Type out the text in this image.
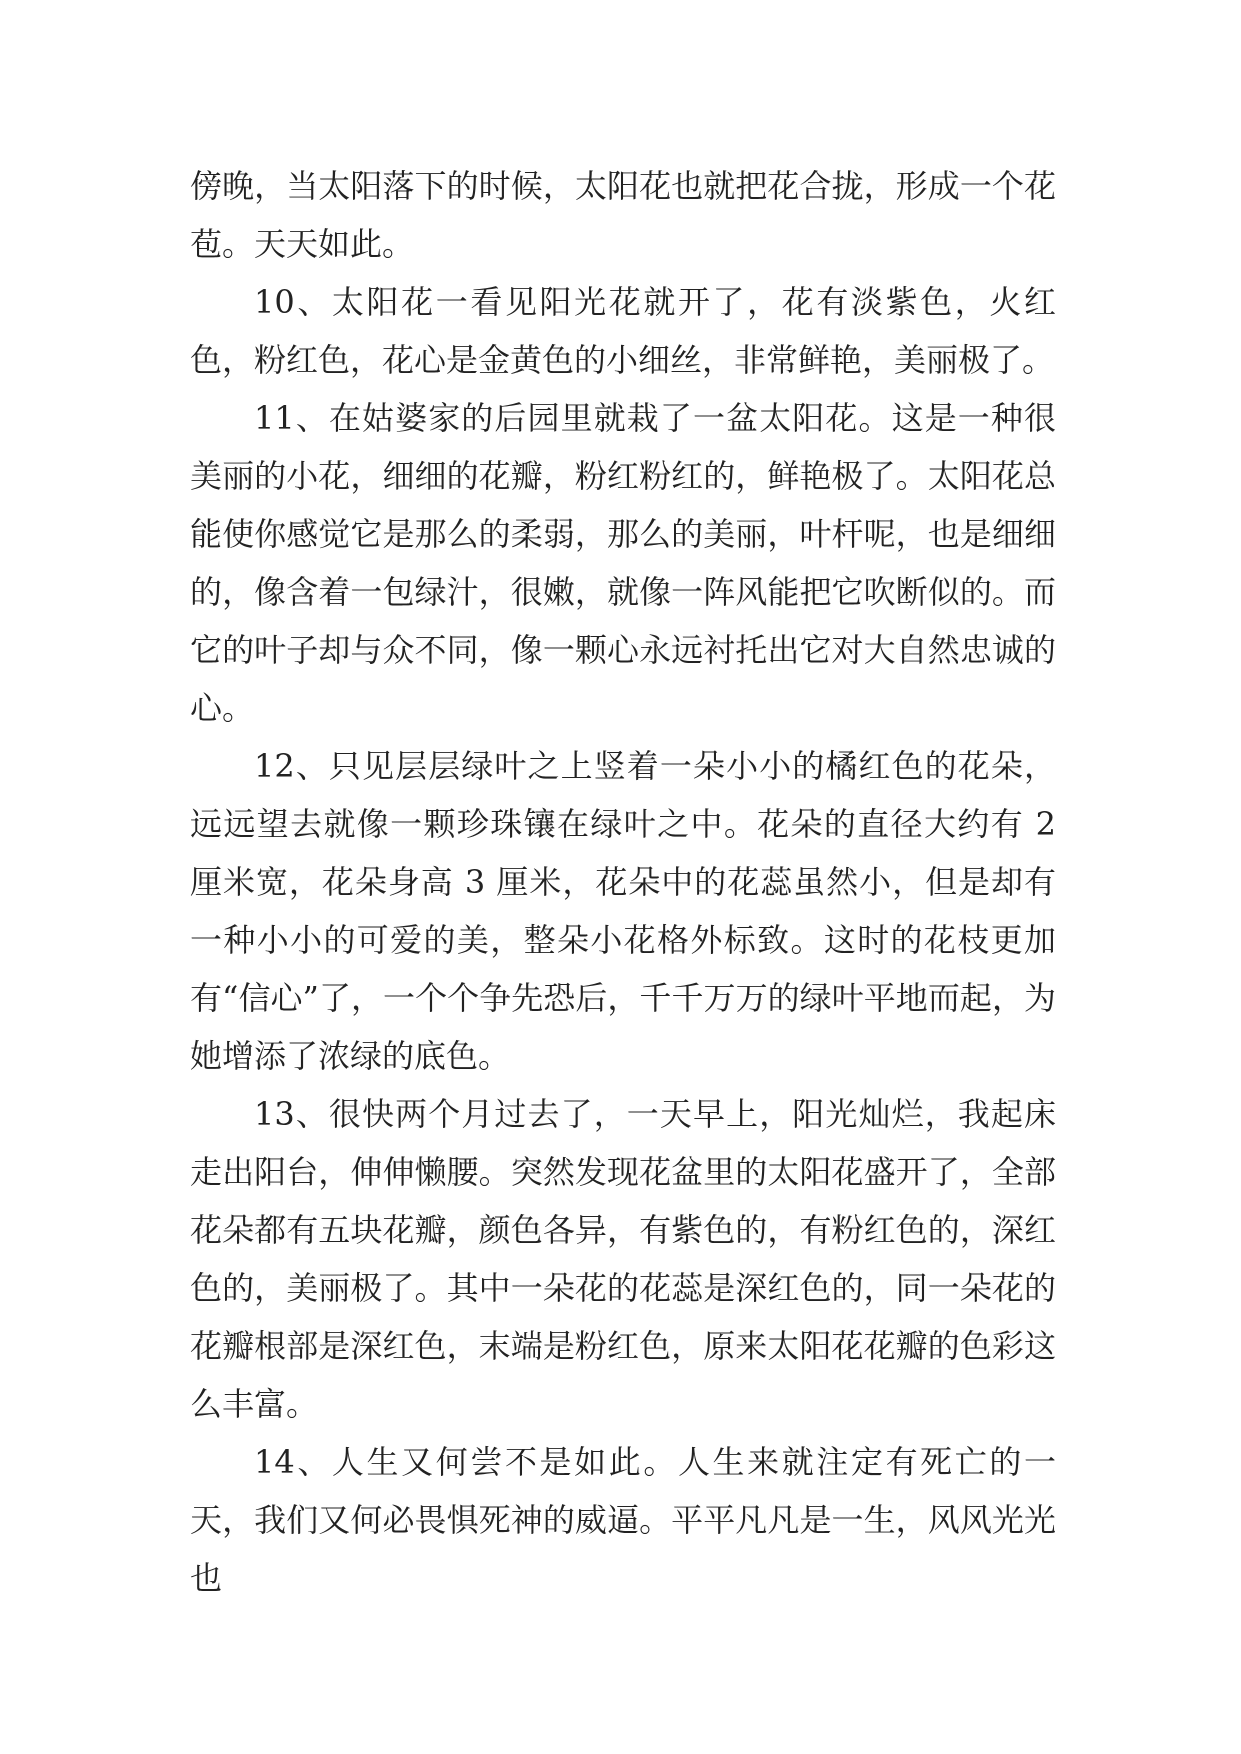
傍晚，当太阳落下的时候，太阳花也就把花合拢，形成一个花苞。天天如此。

10、太阳花一看见阳光花就开了，花有淡紫色，火红色，粉红色，花心是金黄色的小细丝，非常鲜艳，美丽极了。

11、在姑婆家的后园里就栽了一盆太阳花。这是一种很美丽的小花，细细的花瓣，粉红粉红的，鲜艳极了。太阳花总能使你感觉它是那么的柔弱，那么的美丽，叶杆呢，也是细细的，像含着一包绿汁，很嫩，就像一阵风能把它吹断似的。而它的叶子却与众不同，像一颗心永远衬托出它对大自然忠诚的心。

12、只见层层绿叶之上竖着一朵小小的橘红色的花朵，远远望去就像一颗珍珠镶在绿叶之中。花朵的直径大约有 2 厘米宽，花朵身高 3 厘米，花朵中的花蕊虽然小，但是却有一种小小的可爱的美，整朵小花格外标致。这时的花枝更加有“信心”了，一个个争先恐后，千千万万的绿叶平地而起，为她增添了浓绿的底色。

13、很快两个月过去了，一天早上，阳光灿烂，我起床走出阳台，伸伸懒腰。突然发现花盆里的太阳花盛开了，全部花朵都有五块花瓣，颜色各异，有紫色的，有粉红色的，深红色的，美丽极了。其中一朵花的花蕊是深红色的，同一朵花的花瓣根部是深红色，末端是粉红色，原来太阳花花瓣的色彩这么丰富。

14、人生又何尝不是如此。人生来就注定有死亡的一天，我们又何必畏惧死神的威逼。平平凡凡是一生，风风光光也
